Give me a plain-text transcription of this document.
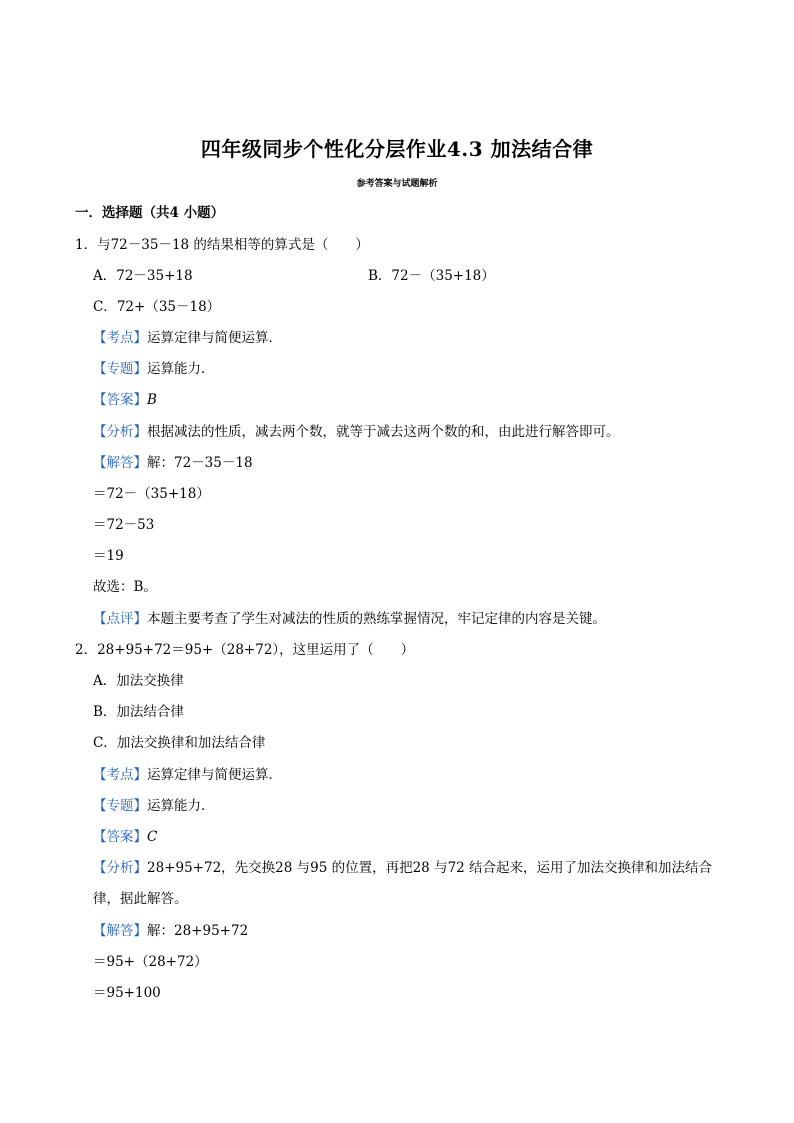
四年级同步个性化分层作业4.3 加法结合律
参考答案与试题解析
一．选择题（共4 小题）
1．与72－35－18 的结果相等的算式是（　　）
A．72－35+18	B．72－（35+18）
C．72+（35－18）
【考点】运算定律与简便运算．
【专题】运算能力．
【答案】B
【分析】根据减法的性质，减去两个数，就等于减去这两个数的和，由此进行解答即可。
【解答】解：72－35－18
＝72－（35+18）
＝72－53
＝19
故选：B。
【点评】本题主要考查了学生对减法的性质的熟练掌握情况，牢记定律的内容是关键。
2．28+95+72＝95+（28+72），这里运用了（　　）
A．加法交换律
B．加法结合律
C．加法交换律和加法结合律
【考点】运算定律与简便运算．
【专题】运算能力．
【答案】C
【分析】28+95+72，先交换28 与95 的位置，再把28 与72 结合起来，运用了加法交换律和加法结合
律，据此解答。
【解答】解：28+95+72
＝95+（28+72）
＝95+100
